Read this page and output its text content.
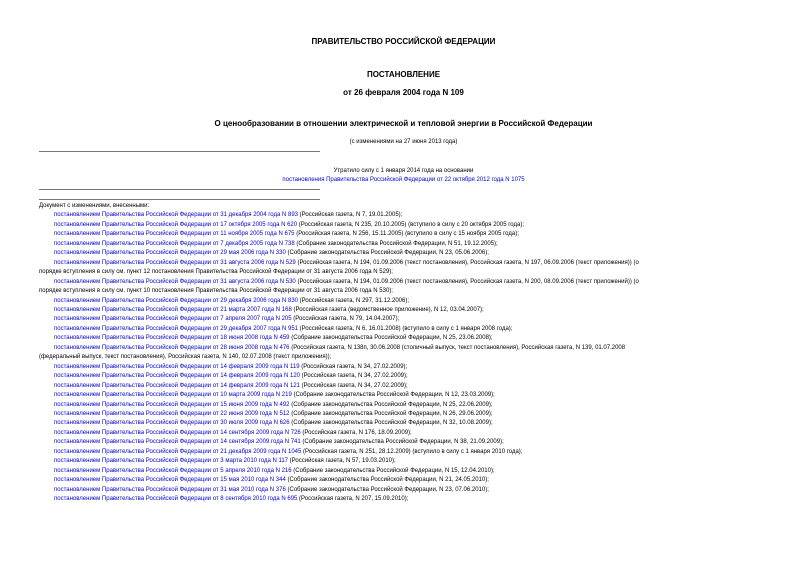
ПРАВИТЕЛЬСТВО РОССИЙСКОЙ ФЕДЕРАЦИИ
ПОСТАНОВЛЕНИЕ
от 26 февраля 2004 года N 109
О ценообразовании в отношении электрической и тепловой энергии в Российской Федерации
(с изменениями на 27 июня 2013 года)
Утратило силу с 1 января 2014 года на основании
постановления Правительства Российской Федерации от 22 октября 2012 года N 1075
Документ с изменениями, внесенными:
постановлением Правительства Российской Федерации от 31 декабря 2004 года N 893 (Российская газета, N 7, 19.01.2005);
постановлением Правительства Российской Федерации от 17 октября 2005 года N 620 (Российская газета, N 235, 20.10.2005) (вступило в силу с 20 октября 2005 года);
постановлением Правительства Российской Федерации от 11 ноября 2005 года N 675 (Российская газета, N 256, 15.11.2005) (вступило в силу с 15 ноября 2005 года);
постановлением Правительства Российской Федерации от 7 декабря 2005 года N 738 (Собрание законодательства Российской Федерации, N 51, 19.12.2005);
постановлением Правительства Российской Федерации от 29 мая 2006 года N 330 (Собрание законодательства Российской Федерации, N 23, 05.06.2006);
постановлением Правительства Российской Федерации от 31 августа 2006 года N 529 (Российская газета, N 194, 01.09.2006 (текст постановления), Российская газета, N 197, 06.09.2006 (текст приложения)) (о
порядке вступления в силу см. пункт 12 постановления Правительства Российской Федерации от 31 августа 2006 года N 529);
постановлением Правительства Российской Федерации от 31 августа 2006 года N 530 (Российская газета, N 194, 01.09.2006 (текст постановления), Российская газета, N 200, 08.09.2006 (текст приложений)) (о
порядке вступления в силу см. пункт 10 постановления Правительства Российской Федерации от 31 августа 2006 года N 530);
постановлением Правительства Российской Федерации от 29 декабря 2006 года N 830 (Российская газета, N 297, 31.12.2006);
постановлением Правительства Российской Федерации от 21 марта 2007 года N 168 (Российская газета (ведомственное приложение), N 12, 03.04.2007);
постановлением Правительства Российской Федерации от 7 апреля 2007 года N 205 (Российская газета, N 79, 14.04.2007);
постановлением Правительства Российской Федерации от 29 декабря 2007 года N 951 (Российская газета, N 6, 16.01.2008) (вступило в силу с 1 января 2008 года);
постановлением Правительства Российской Федерации от 18 июня 2008 года N 459 (Собрание законодательства Российской Федерации, N 25, 23.06.2008);
постановлением Правительства Российской Федерации от 28 июня 2008 года N 476 (Российская газета, N 138п, 30.06.2008 (столичный выпуск, текст постановления), Российская газета, N 139, 01.07.2008
(федеральный выпуск, текст постановления), Российская газета, N 140, 02.07.2008 (текст приложения));
постановлением Правительства Российской Федерации от 14 февраля 2009 года N 119 (Российская газета, N 34, 27.02.2009);
постановлением Правительства Российской Федерации от 14 февраля 2009 года N 120 (Российская газета, N 34, 27.02.2009);
постановлением Правительства Российской Федерации от 14 февраля 2009 года N 121 (Российская газета, N 34, 27.02.2009);
постановлением Правительства Российской Федерации от 10 марта 2009 года N 219 (Собрание законодательства Российской Федерации, N 12, 23.03.2009);
постановлением Правительства Российской Федерации от 15 июня 2009 года N 492 (Собрание законодательства Российской Федерации, N 25, 22.06.2009);
постановлением Правительства Российской Федерации от 22 июня 2009 года N 512 (Собрание законодательства Российской Федерации, N 26, 29.06.2009);
постановлением Правительства Российской Федерации от 30 июля 2009 года N 626 (Собрание законодательства Российской Федерации, N 32, 10.08.2009);
постановлением Правительства Российской Федерации от 14 сентября 2009 года N 726 (Российская газета, N 176, 18.09.2009);
постановлением Правительства Российской Федерации от 14 сентября 2009 года N 741 (Собрание законодательства Российской Федерации, N 38, 21.09.2009);
постановлением Правительства Российской Федерации от 21 декабря 2009 года N 1045 (Российская газета, N 251, 28.12.2009) (вступило в силу с 1 января 2010 года);
постановлением Правительства Российской Федерации от 3 марта 2010 года N 117 (Российская газета, N 57, 19.03.2010);
постановлением Правительства Российской Федерации от 5 апреля 2010 года N 216 (Собрание законодательства Российской Федерации, N 15, 12.04.2010);
постановлением Правительства Российской Федерации от 15 мая 2010 года N 344 (Собрание законодательства Российской Федерации, N 21, 24.05.2010);
постановлением Правительства Российской Федерации от 31 мая 2010 года N 376 (Собрание законодательства Российской Федерации, N 23, 07.06.2010);
постановлением Правительства Российской Федерации от 8 сентября 2010 года N 695 (Российская газета, N 207, 15.09.2010);
